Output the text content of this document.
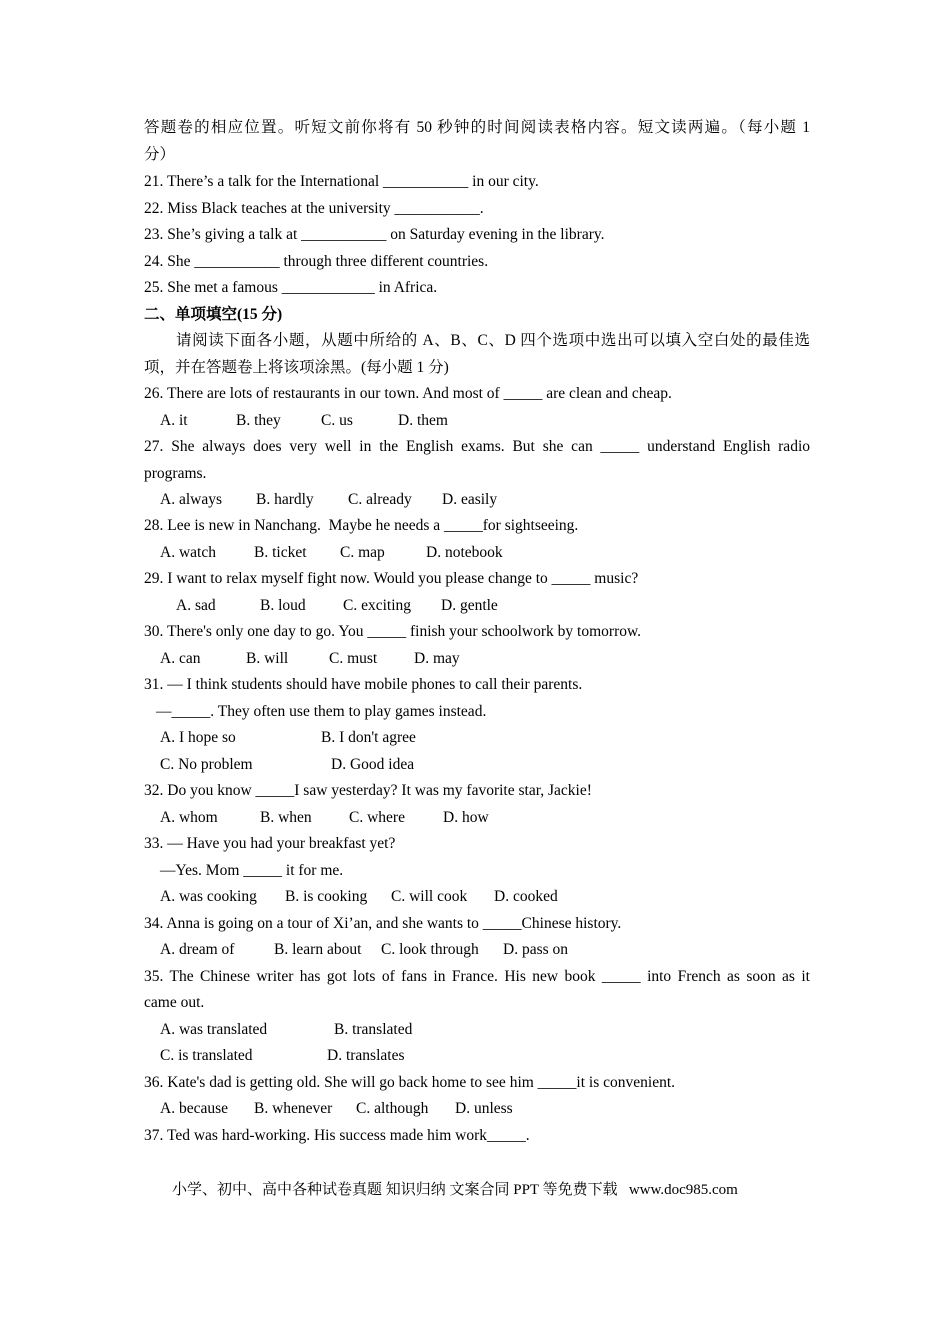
答题卷的相应位置。听短文前你将有 50 秒钟的时间阅读表格内容。短文读两遍。（每小题 1
分）
21. There’s a talk for the International ___________ in our city.
22. Miss Black teaches at the university ___________.
23. She’s giving a talk at ___________ on Saturday evening in the library.
24. She ___________ through three different countries.
25. She met a famous ____________ in Africa.
二、单项填空(15 分)
请阅读下面各小题，从题中所给的 A、B、C、D 四个选项中选出可以填入空白处的最佳选
项，并在答题卷上将该项涂黑。(每小题 1 分)
26. There are lots of restaurants in our town. And most of _____ are clean and cheap.
A. it	B. they	C. us	D. them
27. She always does very well in the English exams. But she can _____ understand English radio
programs.
A. always B. hardly C. already D. easily
28. Lee is new in Nanchang.  Maybe he needs a _____for sightseeing.
A. watch B. ticket C. map	D. notebook
29. I want to relax myself fight now. Would you please change to _____ music?
A. sad	B. loud C. exciting D. gentle
30. There's only one day to go. You _____ finish your schoolwork by tomorrow.
A. can	B. will	C. must D. may
31. — I think students should have mobile phones to call their parents.
—_____. They often use them to play games instead.
A. I hope so	B. I don't agree
C. No problem	D. Good idea
32. Do you know _____I saw yesterday? It was my favorite star, Jackie!
A. whom	B. when C. where D. how
33. — Have you had your breakfast yet?
—Yes. Mom _____ it for me.
A. was cooking B. is cooking C. will cook D. cooked
34. Anna is going on a tour of Xi’an, and she wants to _____Chinese history.
A. dream of	B. learn about C. look through D. pass on
35. The Chinese writer has got lots of fans in France. His new book _____ into French as soon as it
came out.
A. was translated	B. translated
C. is translated	D. translates
36. Kate's dad is getting old. She will go back home to see him _____it is convenient.
A. because B. whenever C. although D. unless
37. Ted was hard-working. His success made him work_____.
小学、初中、高中各种试卷真题 知识归纳 文案合同 PPT 等免费下载   www.doc985.com
